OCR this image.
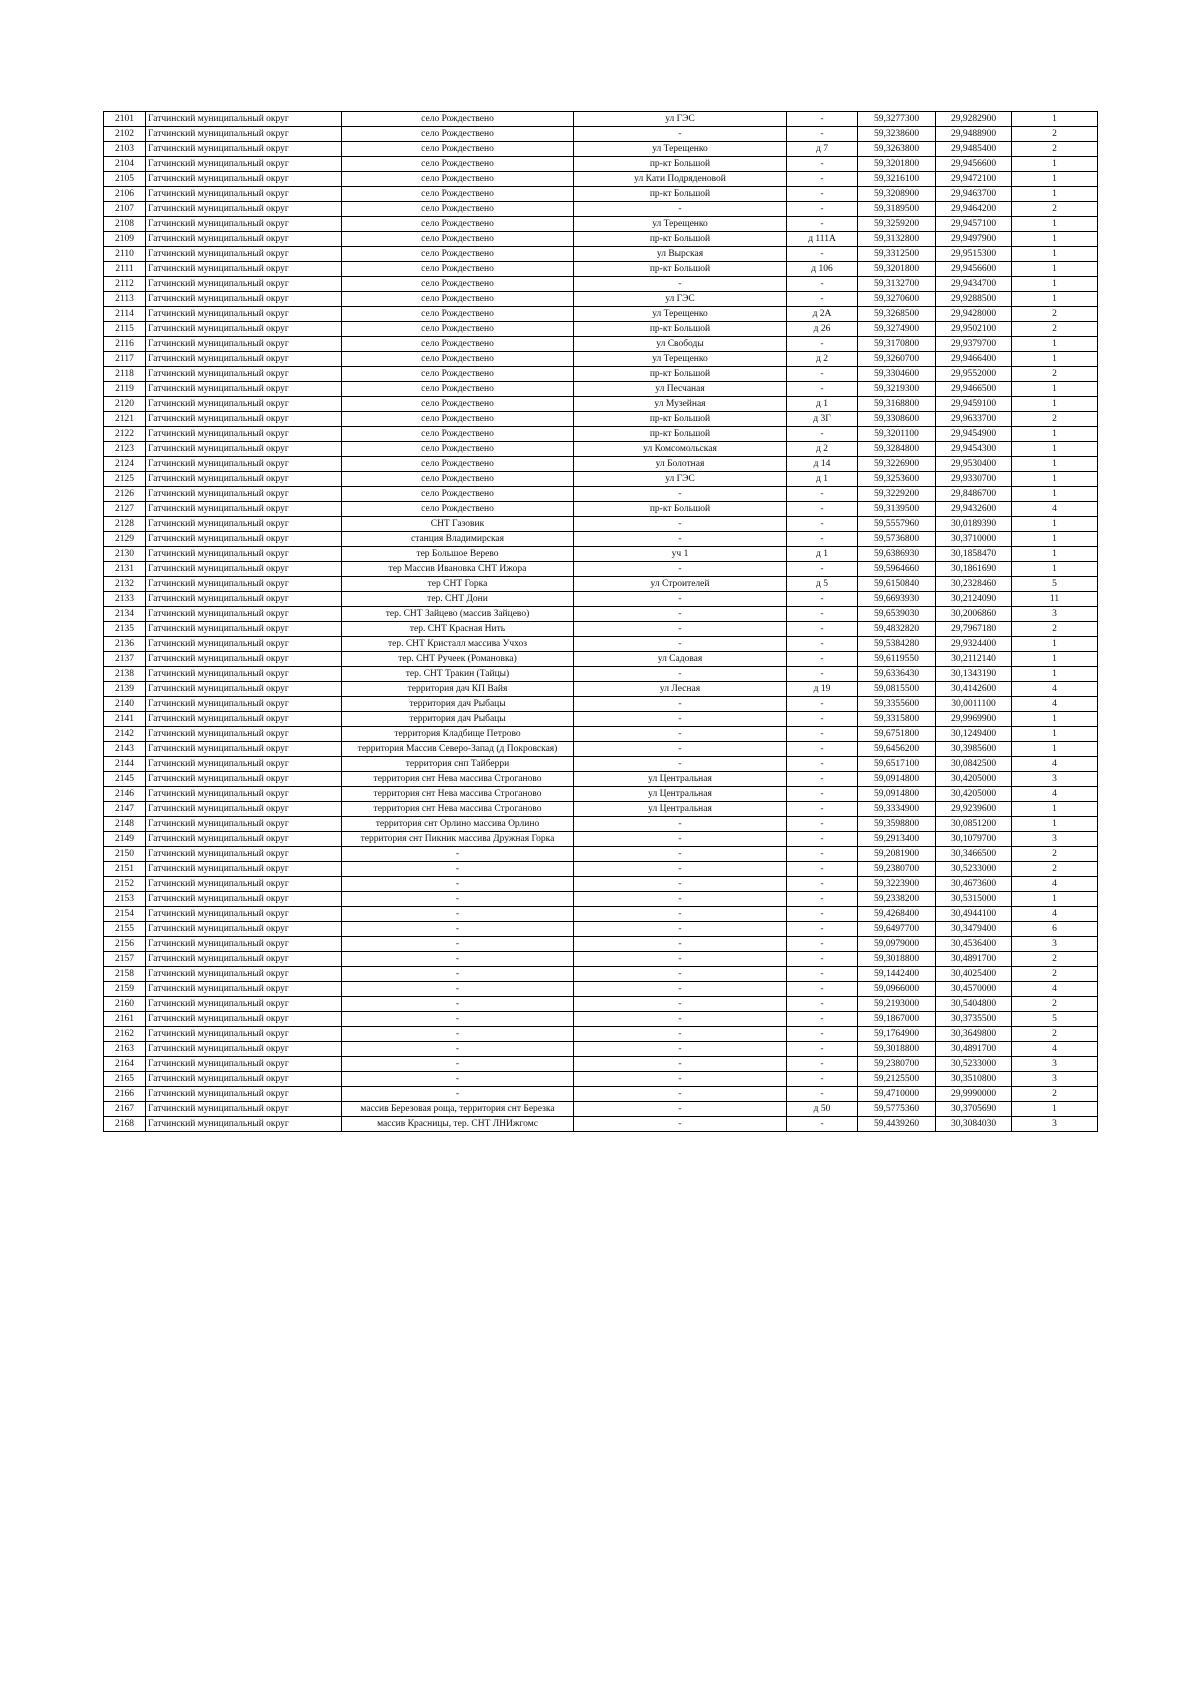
2101	Гатчинский муниципальный округ	село Рождествено	ул ГЭС	-	59,3277300	29,9282900	1
2102	Гатчинский муниципальный округ	село Рождествено	-	-	59,3238600	29,9488900	2
2103	Гатчинский муниципальный округ	село Рождествено	ул Терещенко	д 7	59,3263800	29,9485400	2
2104	Гатчинский муниципальный округ	село Рождествено	пр-кт Большой	-	59,3201800	29,9456600	1
2105	Гатчинский муниципальный округ	село Рождествено	ул Кати Подряденовой	-	59,3216100	29,9472100	1
2106	Гатчинский муниципальный округ	село Рождествено	пр-кт Большой	-	59,3208900	29,9463700	1
2107	Гатчинский муниципальный округ	село Рождествено	-	-	59,3189500	29,9464200	2
2108	Гатчинский муниципальный округ	село Рождествено	ул Терещенко	-	59,3259200	29,9457100	1
2109	Гатчинский муниципальный округ	село Рождествено	пр-кт Большой	д 111А	59,3132800	29,9497900	1
2110	Гатчинский муниципальный округ	село Рождествено	ул Вырская	-	59,3312500	29,9515300	1
2111	Гатчинский муниципальный округ	село Рождествено	пр-кт Большой	д 106	59,3201800	29,9456600	1
2112	Гатчинский муниципальный округ	село Рождествено	-	-	59,3132700	29,9434700	1
2113	Гатчинский муниципальный округ	село Рождествено	ул ГЭС	-	59,3270600	29,9288500	1
2114	Гатчинский муниципальный округ	село Рождествено	ул Терещенко	д 2А	59,3268500	29,9428000	2
2115	Гатчинский муниципальный округ	село Рождествено	пр-кт Большой	д 26	59,3274900	29,9502100	2
2116	Гатчинский муниципальный округ	село Рождествено	ул Свободы	-	59,3170800	29,9379700	1
2117	Гатчинский муниципальный округ	село Рождествено	ул Терещенко	д 2	59,3260700	29,9466400	1
2118	Гатчинский муниципальный округ	село Рождествено	пр-кт Большой	-	59,3304600	29,9552000	2
2119	Гатчинский муниципальный округ	село Рождествено	ул Песчаная	-	59,3219300	29,9466500	1
2120	Гатчинский муниципальный округ	село Рождествено	ул Музейная	д 1	59,3168800	29,9459100	1
2121	Гатчинский муниципальный округ	село Рождествено	пр-кт Большой	д 3Г	59,3308600	29,9633700	2
2122	Гатчинский муниципальный округ	село Рождествено	пр-кт Большой	-	59,3201100	29,9454900	1
2123	Гатчинский муниципальный округ	село Рождествено	ул Комсомольская	д 2	59,3284800	29,9454300	1
2124	Гатчинский муниципальный округ	село Рождествено	ул Болотная	д 14	59,3226900	29,9530400	1
2125	Гатчинский муниципальный округ	село Рождествено	ул ГЭС	д 1	59,3253600	29,9330700	1
2126	Гатчинский муниципальный округ	село Рождествено	-	-	59,3229200	29,8486700	1
2127	Гатчинский муниципальный округ	село Рождествено	пр-кт Большой	-	59,3139500	29,9432600	4
2128	Гатчинский муниципальный округ	СНТ Газовик	-	-	59,5557960	30,0189390	1
2129	Гатчинский муниципальный округ	станция Владимирская	-	-	59,5736800	30,3710000	1
2130	Гатчинский муниципальный округ	тер Большое Верево	уч 1	д 1	59,6386930	30,1858470	1
2131	Гатчинский муниципальный округ	тер Массив Ивановка СНТ Ижора	-	-	59,5964660	30,1861690	1
2132	Гатчинский муниципальный округ	тер СНТ Горка	ул Строителей	д 5	59,6150840	30,2328460	5
2133	Гатчинский муниципальный округ	тер. СНТ Дони	-	-	59,6693930	30,2124090	11
2134	Гатчинский муниципальный округ	тер. СНТ Зайцево (массив Зайцево)	-	-	59,6539030	30,2006860	3
2135	Гатчинский муниципальный округ	тер. СНТ Красная Нить	-	-	59,4832820	29,7967180	2
2136	Гатчинский муниципальный округ	тер. СНТ Кристалл массива Учхоз	-	-	59,5384280	29,9324400	1
2137	Гатчинский муниципальный округ	тер. СНТ Ручеек (Романовка)	ул Садовая	-	59,6119550	30,2112140	1
2138	Гатчинский муниципальный округ	тер. СНТ Тракин (Тайцы)	-	-	59,6336430	30,1343190	1
2139	Гатчинский муниципальный округ	территория дач КП Вайя	ул Лесная	д 19	59,0815500	30,4142600	4
2140	Гатчинский муниципальный округ	территория дач Рыбацы	-	-	59,3355600	30,0011100	4
2141	Гатчинский муниципальный округ	территория дач Рыбацы	-	-	59,3315800	29,9969900	1
2142	Гатчинский муниципальный округ	территория Кладбище Петрово	-	-	59,6751800	30,1249400	1
2143	Гатчинский муниципальный округ	территория Массив Северо-Запад (д Покровская)	-	-	59,6456200	30,3985600	1
2144	Гатчинский муниципальный округ	территория снп Тайберри	-	-	59,6517100	30,0842500	4
2145	Гатчинский муниципальный округ	территория снт Нева массива Строганово	ул Центральная	-	59,0914800	30,4205000	3
2146	Гатчинский муниципальный округ	территория снт Нева массива Строганово	ул Центральная	-	59,0914800	30,4205000	4
2147	Гатчинский муниципальный округ	территория снт Нева массива Строганово	ул Центральная	-	59,3334900	29,9239600	1
2148	Гатчинский муниципальный округ	территория снт Орлино массива Орлино	-	-	59,3598800	30,0851200	1
2149	Гатчинский муниципальный округ	территория снт Пикник массива Дружная Горка	-	-	59,2913400	30,1079700	3
2150	Гатчинский муниципальный округ	-	-	-	59,2081900	30,3466500	2
2151	Гатчинский муниципальный округ	-	-	-	59,2380700	30,5233000	2
2152	Гатчинский муниципальный округ	-	-	-	59,3223900	30,4673600	4
2153	Гатчинский муниципальный округ	-	-	-	59,2338200	30,5315000	1
2154	Гатчинский муниципальный округ	-	-	-	59,4268400	30,4944100	4
2155	Гатчинский муниципальный округ	-	-	-	59,6497700	30,3479400	6
2156	Гатчинский муниципальный округ	-	-	-	59,0979000	30,4536400	3
2157	Гатчинский муниципальный округ	-	-	-	59,3018800	30,4891700	2
2158	Гатчинский муниципальный округ	-	-	-	59,1442400	30,4025400	2
2159	Гатчинский муниципальный округ	-	-	-	59,0966000	30,4570000	4
2160	Гатчинский муниципальный округ	-	-	-	59,2193000	30,5404800	2
2161	Гатчинский муниципальный округ	-	-	-	59,1867000	30,3735500	5
2162	Гатчинский муниципальный округ	-	-	-	59,1764900	30,3649800	2
2163	Гатчинский муниципальный округ	-	-	-	59,3018800	30,4891700	4
2164	Гатчинский муниципальный округ	-	-	-	59,2380700	30,5233000	3
2165	Гатчинский муниципальный округ	-	-	-	59,2125500	30,3510800	3
2166	Гатчинский муниципальный округ	-	-	-	59,4710000	29,9990000	2
2167	Гатчинский муниципальный округ	массив Березовая роща, территория снт Березка	-	д 50	59,5775360	30,3705690	1
2168	Гатчинский муниципальный округ	массив Красницы, тер. СНТ ЛНИжгомс	-	-	59,4439260	30,3084030	3
